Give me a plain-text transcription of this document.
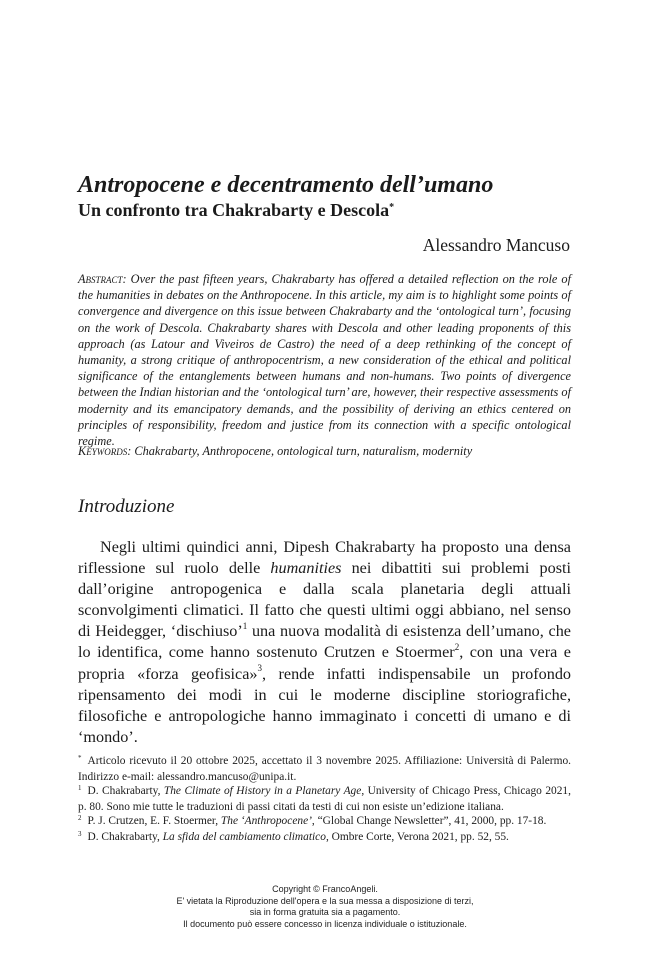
Antropocene e decentramento dell’umano
Un confronto tra Chakrabarty e Descola*
Alessandro Mancuso

Abstract: Over the past fifteen years, Chakrabarty has offered a detailed reflection on the role of the humanities in debates on the Anthropocene. In this article, my aim is to highlight some points of convergence and divergence on this issue between Chakrabarty and the ‘ontological turn’, focusing on the work of Descola. Chakrabarty shares with Descola and other leading proponents of this approach (as Latour and Viveiros de Castro) the need of a deep rethinking of the concept of humanity, a strong critique of anthropocentrism, a new consideration of the ethical and political significance of the entanglements between humans and non-humans. Two points of divergence between the Indian historian and the ‘ontological turn’ are, however, their respective assessments of modernity and its emancipatory demands, and the possibility of deriving an ethics centered on principles of responsibility, freedom and justice from its connection with a specific ontological regime.

Keywords: Chakrabarty, Anthropocene, ontological turn, naturalism, modernity

Introduzione

Negli ultimi quindici anni, Dipesh Chakrabarty ha proposto una densa riflessione sul ruolo delle humanities nei dibattiti sui problemi posti dall’origine antropogenica e dalla scala planetaria degli attuali sconvolgimenti climatici. Il fatto che questi ultimi oggi abbiano, nel senso di Heidegger, ‘dischiuso’$^1$ una nuova modalità di esistenza dell’umano, che lo identifica, come hanno sostenuto Crutzen e Stoermer$^2$, con una vera e propria «forza geofisica»$^3$, rende infatti indispensabile un profondo ripensamento dei modi in cui le moderne discipline storiografiche, filosofiche e antropologiche hanno immaginato i concetti di umano e di ‘mondo’.

* Articolo ricevuto il 20 ottobre 2025, accettato il 3 novembre 2025. Affiliazione: Università di Palermo. Indirizzo e-mail: alessandro.mancuso@unipa.it.

$^1$ D. Chakrabarty, The Climate of History in a Planetary Age, University of Chicago Press, Chicago 2021, p. 80. Sono mie tutte le traduzioni di passi citati da testi di cui non esiste un’edizione italiana.

$^2$ P. J. Crutzen, E. F. Stoermer, The ‘Anthropocene’, “Global Change Newsletter”, 41, 2000, pp. 17-18.

$^3$ D. Chakrabarty, La sfida del cambiamento climatico, Ombre Corte, Verona 2021, pp. 52, 55.

Copyright © FrancoAngeli.
E' vietata la Riproduzione dell'opera e la sua messa a disposizione di terzi,
sia in forma gratuita sia a pagamento.
Il documento può essere concesso in licenza individuale o istituzionale.
